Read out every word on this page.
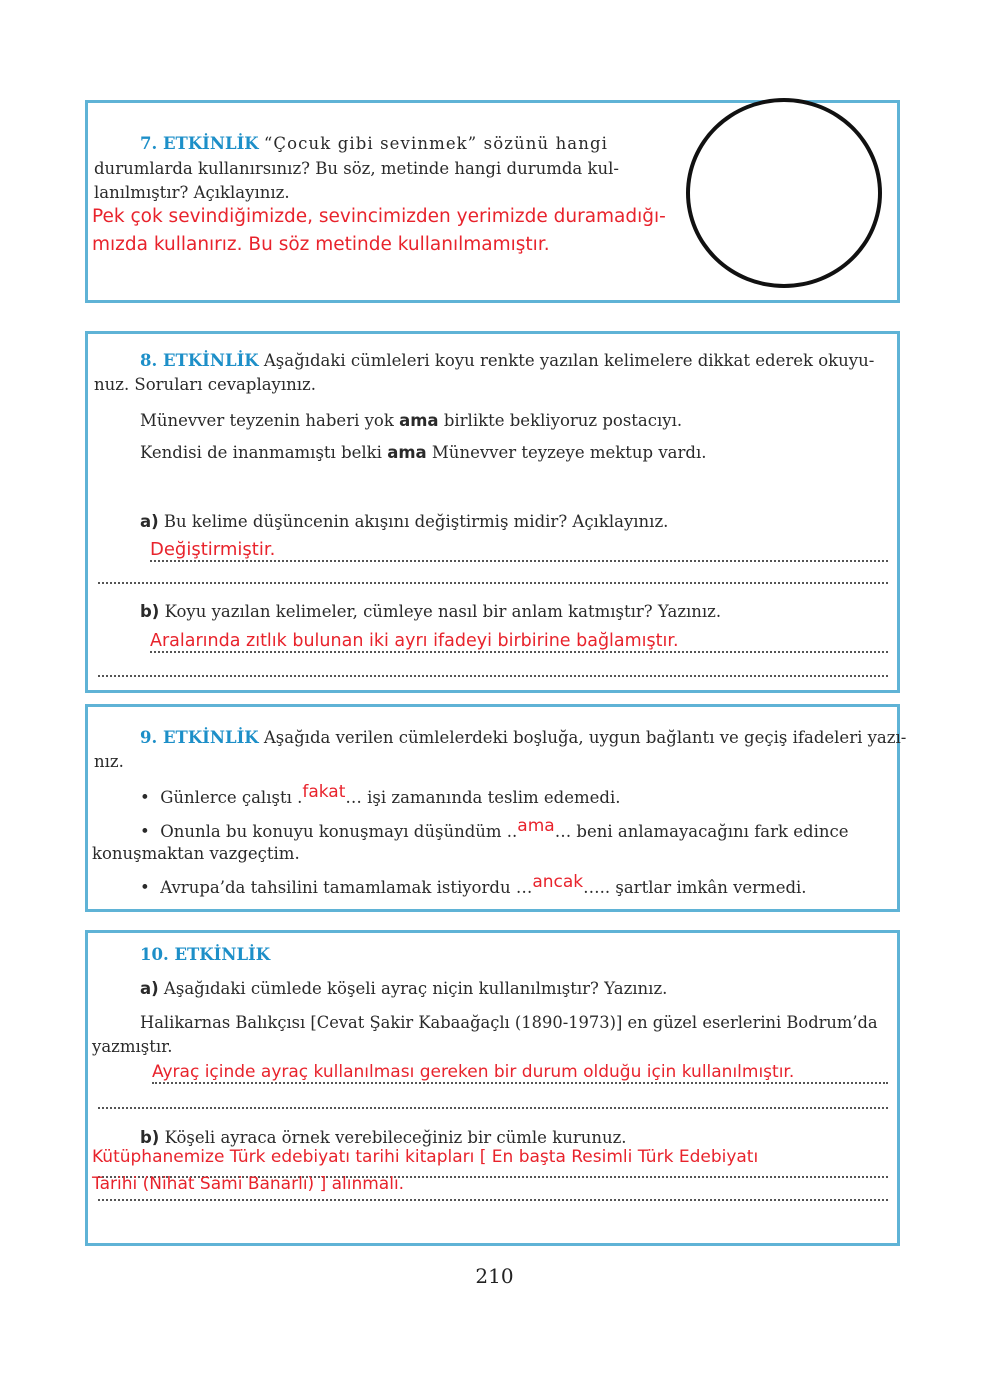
7. ETKİNLİK “Çocuk gibi sevinmek” sözünü hangi
durumlarda kullanırsınız? Bu söz, metinde hangi durumda kul-
lanılmıştır? Açıklayınız.
Pek çok sevindiğimizde, sevincimizden yerimizde duramadığı-
mızda kullanırız. Bu söz metinde kullanılmamıştır.
8. ETKİNLİK Aşağıdaki cümleleri koyu renkte yazılan kelimelere dikkat ederek okuyu-
nuz. Soruları cevaplayınız.
Münevver teyzenin haberi yok ama birlikte bekliyoruz postacıyı.
Kendisi de inanmamıştı belki ama Münevver teyzeye mektup vardı.
a) Bu kelime düşüncenin akışını değiştirmiş midir? Açıklayınız.
Değiştirmiştir.
b) Koyu yazılan kelimeler, cümleye nasıl bir anlam katmıştır? Yazınız.
Aralarında zıtlık bulunan iki ayrı ifadeyi birbirine bağlamıştır.
9. ETKİNLİK Aşağıda verilen cümlelerdeki boşluğa, uygun bağlantı ve geçiş ifadeleri yazı-
nız.
• Günlerce çalıştı .fakat… işi zamanında teslim edemedi.
• Onunla bu konuyu konuşmayı düşündüm ..ama… beni anlamayacağını fark edince
konuşmaktan vazgeçtim.
• Avrupa’da tahsilini tamamlamak istiyordu …ancak….. şartlar imkân vermedi.
10. ETKİNLİK
a) Aşağıdaki cümlede köşeli ayraç niçin kullanılmıştır? Yazınız.
Halikarnas Balıkçısı [Cevat Şakir Kabaağaçlı (1890-1973)] en güzel eserlerini Bodrum’da
yazmıştır.
Ayraç içinde ayraç kullanılması gereken bir durum olduğu için kullanılmıştır.
b) Köşeli ayraca örnek verebileceğiniz bir cümle kurunuz.
Kütüphanemize Türk edebiyatı tarihi kitapları [ En başta Resimli Türk Edebiyatı
Tarihi (Nihat Sami Banarlı) ] alınmalı.
210
